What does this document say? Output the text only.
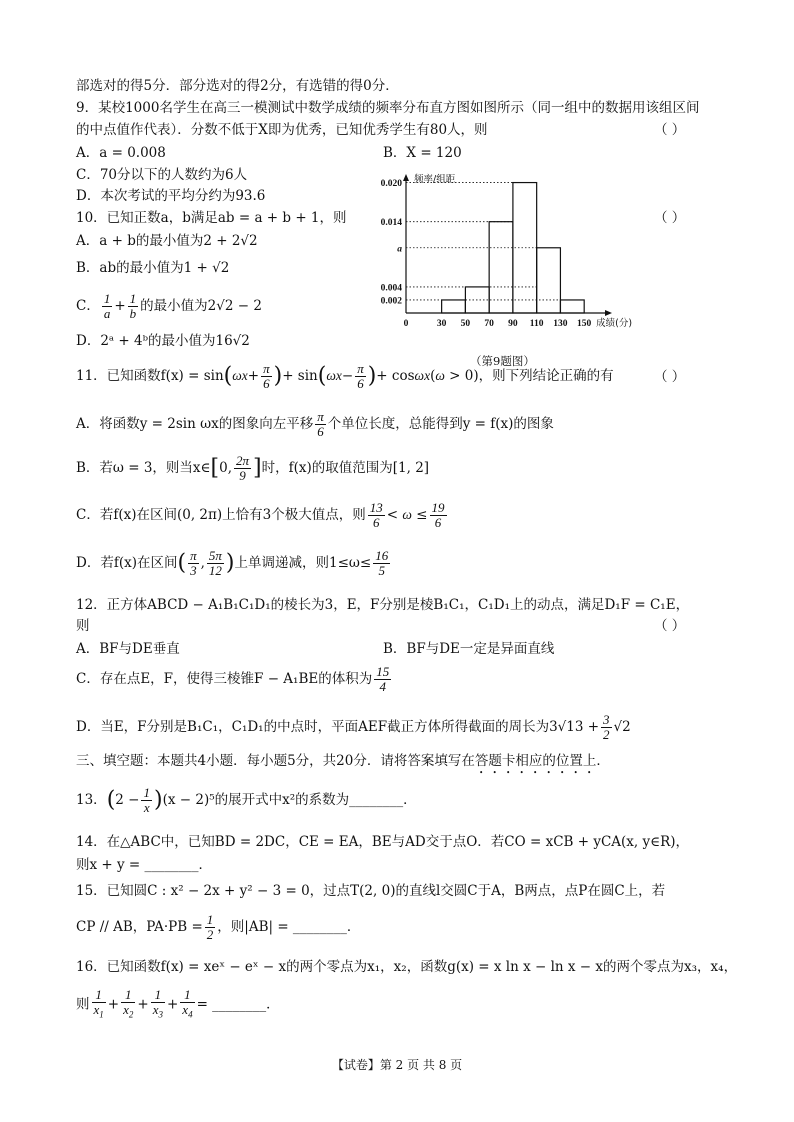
部选对的得5分．部分选对的得2分，有选错的得0分．
9．某校1000名学生在高三一模测试中数学成绩的频率分布直方图如图所示（同一组中的数据用该组区间
的中点值作代表）．分数不低于X即为优秀，已知优秀学生有80人，则	（ ）
A．a = 0.008	B．X = 120
C．70分以下的人数约为6人
D．本次考试的平均分约为93.6
0.020
0.014
a
0.004
0.002
30 50 70 90 110 130 150
0
频率/组距
成绩(分)
（第9题图）
10．已知正数a，b满足ab = a + b + 1，则	（ ）
A．a + b的最小值为2 + 2√2
B．ab的最小值为1 + √2
C． $\frac{1}{a} + \frac{1}{b}$ 的最小值为2√2 − 2
D．2ᵃ + 4ᵇ的最小值为16√2
11．已知函数$f(x) = \sin(\omega x+ \frac{\pi}{6}$ )+ $\sin(\omega x- \frac{\pi}{6}$ )+ cosωx(ω > 0)，则下列结论正确的有	（ ）
A．将函数y = 2sin ωx的图象向左平移 $\frac{\pi}{6}$ 个单位长度，总能得到y = f(x)的图象
B．若ω = 3，则当x∈[0, $\frac{2\pi}{9}$ ]时，f(x)的取值范围为[1, 2]
C．若f(x)在区间(0, 2π)上恰有3个极大值点，则 $\frac{13}{6} < \omega \le \frac{19}{6}$
D．若f(x)在区间( $\frac{\pi}{3}$ , $\frac{5\pi}{12}$ )上单调递减，则$1\le\omega\le \frac{16}{5}$
12．正方体ABCD − A₁B₁C₁D₁的棱长为3，E，F分别是棱B₁C₁，C₁D₁上的动点，满足D₁F = C₁E，
则	（ ）
A．BF与DE垂直	B．BF与DE一定是异面直线
C．存在点E，F，使得三棱锥F − A₁BE的体积为 $\frac{15}{4}$
D．当E，F分别是B₁C₁，C₁D₁的中点时，平面AEF截正方体所得截面的周长为$3√13 + \frac{3}{2} √2$
三、填空题：本题共4小题．每小题5分，共20分．请将答案填写在答题卡相应的位置上．
13．$(2 - \frac{1}{x} )(x - 2)^5$的展开式中x²的系数为________．
14．在△ABC中，已知BD = 2DC，CE = EA，BE与AD交于点O．若CO = xCB + yCA(x, y∈R)，
则x + y = ________．
15．已知圆C : x² − 2x + y² − 3 = 0，过点T(2, 0)的直线l交圆C于A，B两点，点P在圆C上，若
CP // AB，$PA\cdot PB = \frac{1}{2}$ ，则|AB| = ________．
16．已知函数f(x) = xeˣ − eˣ − x的两个零点为x₁，x₂，函数g(x) = x ln x − ln x − x的两个零点为x₃，x₄，
则 $\frac{1}{x_1} + \frac{1}{x_2} + \frac{1}{x_3} + \frac{1}{x_4}$ = ________．
【试卷】第 2 页 共 8 页
